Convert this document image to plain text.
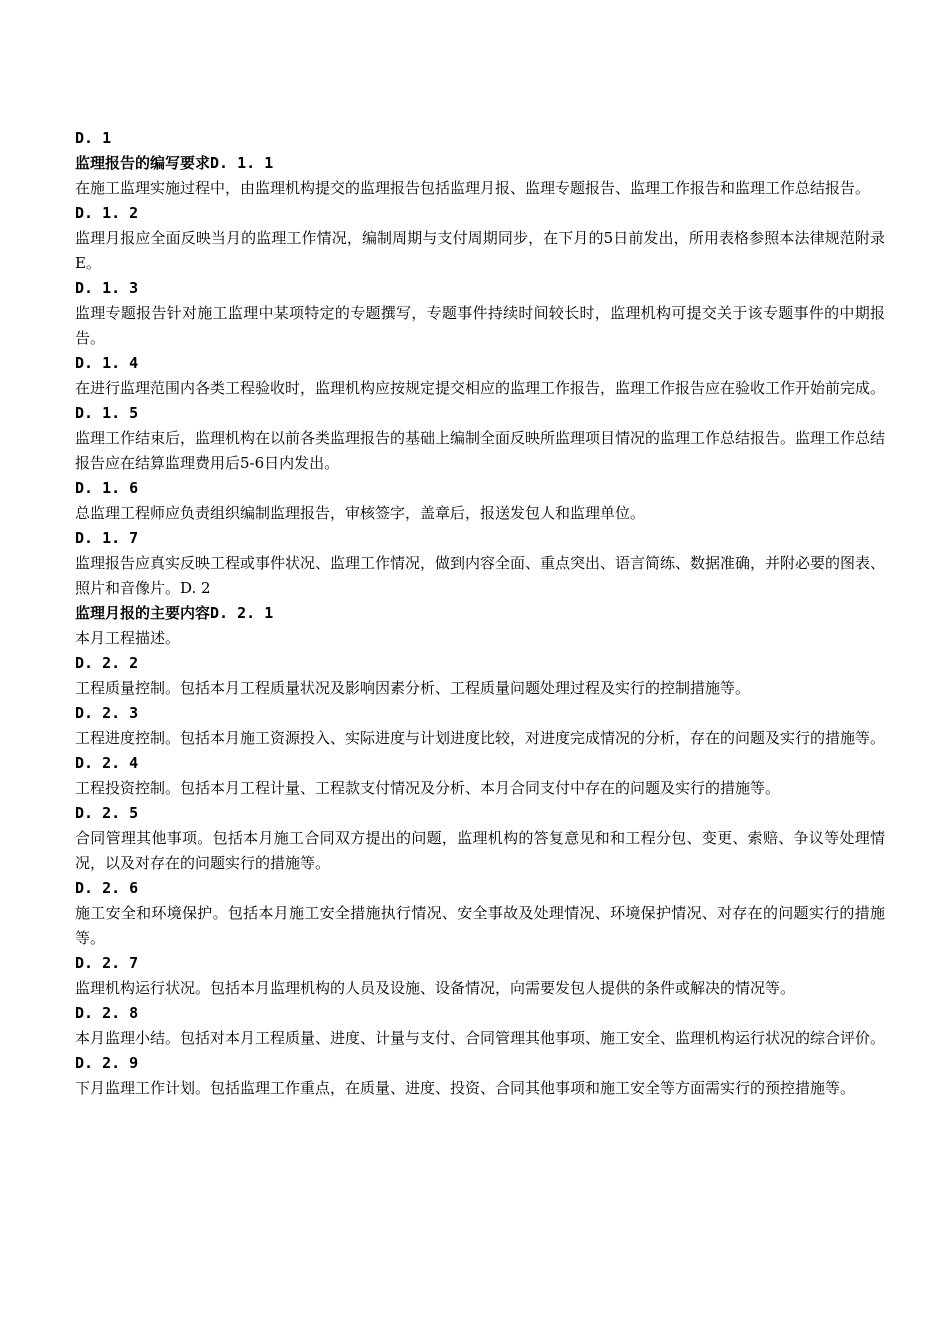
D. 1
监理报告的编写要求D. 1. 1
在施工监理实施过程中，由监理机构提交的监理报告包括监理月报、监理专题报告、监理工作报告和监理工作总结报告。
D. 1. 2
监理月报应全面反映当月的监理工作情况，编制周期与支付周期同步，在下月的5日前发出，所用表格参照本法律规范附录E。
D. 1. 3
监理专题报告针对施工监理中某项特定的专题撰写，专题事件持续时间较长时，监理机构可提交关于该专题事件的中期报告。
D. 1. 4
在进行监理范围内各类工程验收时，监理机构应按规定提交相应的监理工作报告，监理工作报告应在验收工作开始前完成。
D. 1. 5
监理工作结束后，监理机构在以前各类监理报告的基础上编制全面反映所监理项目情况的监理工作总结报告。监理工作总结报告应在结算监理费用后5-6日内发出。
D. 1. 6
总监理工程师应负责组织编制监理报告，审核签字，盖章后，报送发包人和监理单位。
D. 1. 7
监理报告应真实反映工程或事件状况、监理工作情况，做到内容全面、重点突出、语言简练、数据准确，并附必要的图表、照片和音像片。D. 2
监理月报的主要内容D. 2. 1
本月工程描述。
D. 2. 2
工程质量控制。包括本月工程质量状况及影响因素分析、工程质量问题处理过程及实行的控制措施等。
D. 2. 3
工程进度控制。包括本月施工资源投入、实际进度与计划进度比较，对进度完成情况的分析，存在的问题及实行的措施等。
D. 2. 4
工程投资控制。包括本月工程计量、工程款支付情况及分析、本月合同支付中存在的问题及实行的措施等。
D. 2. 5
合同管理其他事项。包括本月施工合同双方提出的问题，监理机构的答复意见和和工程分包、变更、索赔、争议等处理情况，以及对存在的问题实行的措施等。
D. 2. 6
施工安全和环境保护。包括本月施工安全措施执行情况、安全事故及处理情况、环境保护情况、对存在的问题实行的措施等。
D. 2. 7
监理机构运行状况。包括本月监理机构的人员及设施、设备情况，向需要发包人提供的条件或解决的情况等。
D. 2. 8
本月监理小结。包括对本月工程质量、进度、计量与支付、合同管理其他事项、施工安全、监理机构运行状况的综合评价。
D. 2. 9
下月监理工作计划。包括监理工作重点，在质量、进度、投资、合同其他事项和施工安全等方面需实行的预控措施等。
